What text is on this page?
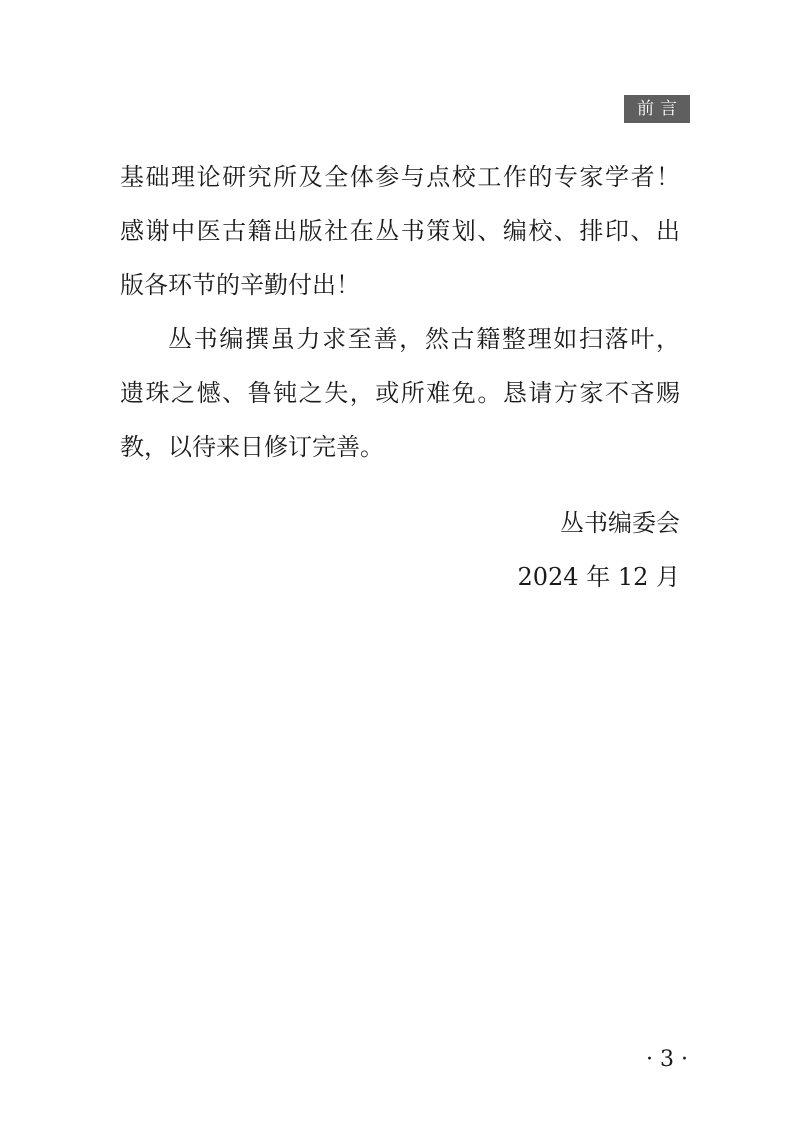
前言
基础理论研究所及全体参与点校工作的专家学者！
感谢中医古籍出版社在丛书策划、编校、排印、出
版各环节的辛勤付出！
丛书编撰虽力求至善，然古籍整理如扫落叶，
遗珠之憾、鲁钝之失，或所难免。恳请方家不吝赐
教，以待来日修订完善。
丛书编委会
2024 年 12 月
· 3 ·
